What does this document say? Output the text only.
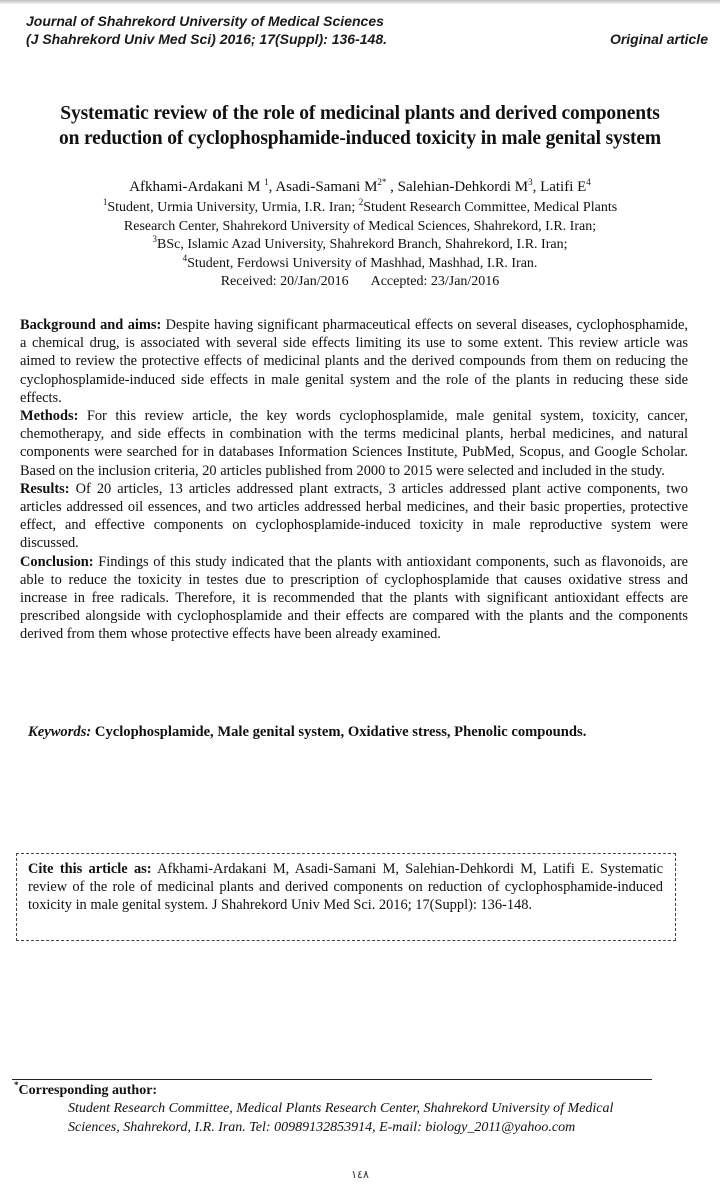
Journal of Shahrekord University of Medical Sciences
(J Shahrekord Univ Med Sci) 2016; 17(Suppl): 136-148.	Original article
Systematic review of the role of medicinal plants and derived components
on reduction of cyclophosphamide-induced toxicity in male genital system
Afkhami-Ardakani M $^1$, Asadi-Samani $M^{2*}$ , Salehian-Dehkordi $M^3$, Latifi $E^4$
$^1$Student, Urmia University, Urmia, I.R. Iran; $^2$Student Research Committee, Medical Plants
Research Center, Shahrekord University of Medical Sciences, Shahrekord, I.R. Iran;
$^3$BSc, Islamic Azad University, Shahrekord Branch, Shahrekord, I.R. Iran;
$^4$Student, Ferdowsi University of Mashhad, Mashhad, I.R. Iran.
Received: 20/Jan/2016 Accepted: 23/Jan/2016

Background and aims: Despite having significant pharmaceutical effects on several diseases, cyclophosphamide, a chemical drug, is associated with several side effects limiting its use to some extent. This review article was aimed to review the protective effects of medicinal plants and the derived compounds from them on reducing the cyclophosplamide-induced side effects in male genital system and the role of the plants in reducing these side effects.

Methods: For this review article, the key words cyclophosplamide, male genital system, toxicity, cancer, chemotherapy, and side effects in combination with the terms medicinal plants, herbal medicines, and natural components were searched for in databases Information Sciences Institute, PubMed, Scopus, and Google Scholar. Based on the inclusion criteria, 20 articles published from 2000 to 2015 were selected and included in the study.

Results: Of 20 articles, 13 articles addressed plant extracts, 3 articles addressed plant active components, two articles addressed oil essences, and two articles addressed herbal medicines, and their basic properties, protective effect, and effective components on cyclophosplamide-induced toxicity in male reproductive system were discussed.

Conclusion: Findings of this study indicated that the plants with antioxidant components, such as flavonoids, are able to reduce the toxicity in testes due to prescription of cyclophosplamide that causes oxidative stress and increase in free radicals. Therefore, it is recommended that the plants with significant antioxidant effects are prescribed alongside with cyclophosplamide and their effects are compared with the plants and the components derived from them whose protective effects have been already examined.

Keywords: Cyclophosplamide, Male genital system, Oxidative stress, Phenolic compounds.
Cite this article as: Afkhami-Ardakani M, Asadi-Samani M, Salehian-Dehkordi M, Latifi E. Systematic review of the role of medicinal plants and derived components on reduction of cyclophosphamide-induced toxicity in male genital system. J Shahrekord Univ Med Sci. 2016; 17(Suppl): 136-148.
*Corresponding author:
Student Research Committee, Medical Plants Research Center, Shahrekord University of Medical
Sciences, Shahrekord, I.R. Iran. Tel: 00989132853914, E-mail: biology_2011@yahoo.com
١٤٨
